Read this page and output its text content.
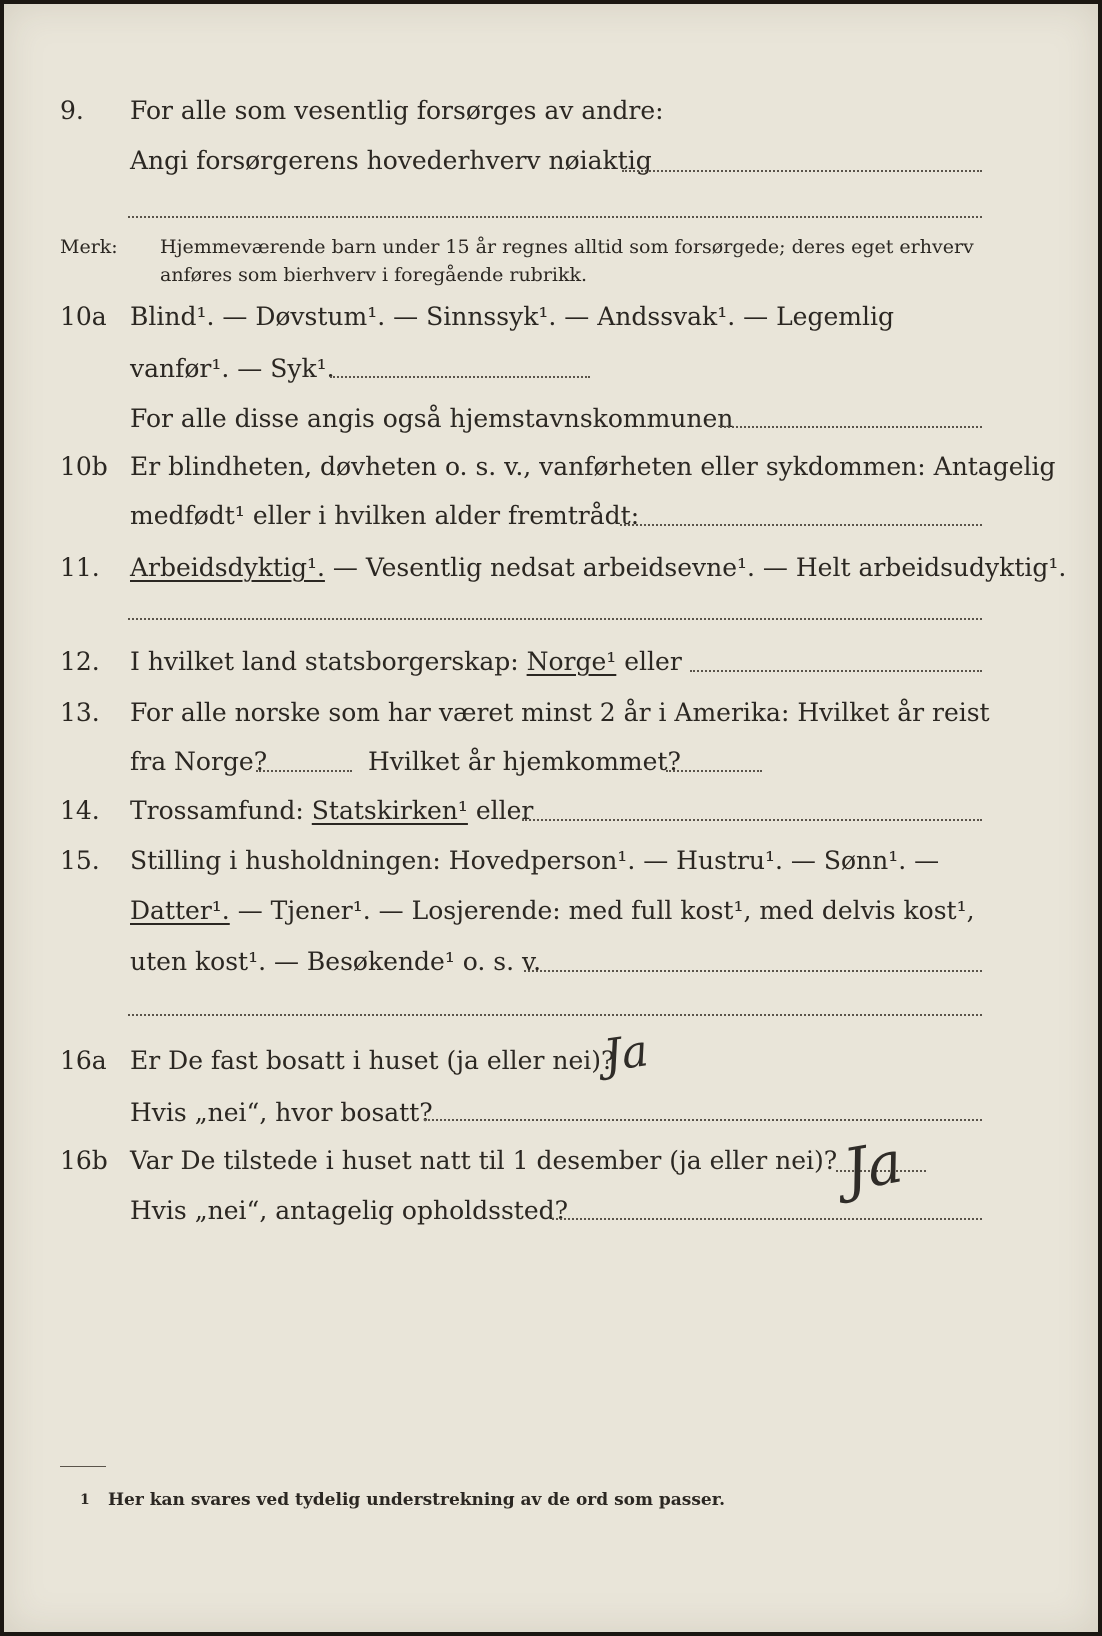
9. For alle som vesentlig forsørges av andre:
Angi forsørgerens hovederhverv nøiaktig
Merk: Hjemmeværende barn under 15 år regnes alltid som forsørgede; deres eget erhverv
anføres som bierhverv i foregående rubrikk.
10a Blind¹. — Døvstum¹. — Sinnssyk¹. — Andssvak¹. — Legemlig
vanfør¹. — Syk¹.
For alle disse angis også hjemstavnskommunen
10b Er blindheten, døvheten o. s. v., vanførheten eller sykdommen: Antagelig
medfødt¹ eller i hvilken alder fremtrådt:
11. Arbeidsdyktig¹. — Vesentlig nedsat arbeidsevne¹. — Helt arbeidsudyktig¹.
12. I hvilket land statsborgerskap: Norge¹ eller
13. For alle norske som har været minst 2 år i Amerika: Hvilket år reist
fra Norge?	Hvilket år hjemkommet?
14. Trossamfund: Statskirken¹ eller
15. Stilling i husholdningen: Hovedperson¹. — Hustru¹. — Sønn¹. —
Datter¹. — Tjener¹. — Losjerende: med full kost¹, med delvis kost¹,
uten kost¹. — Besøkende¹ o. s. v.
16a Er De fast bosatt i huset (ja eller nei)?
Ja
Hvis „nei“, hvor bosatt?
16b Var De tilstede i huset natt til 1 desember (ja eller nei)? Ja
Hvis „nei“, antagelig opholdssted?
1 Her kan svares ved tydelig understrekning av de ord som passer.
